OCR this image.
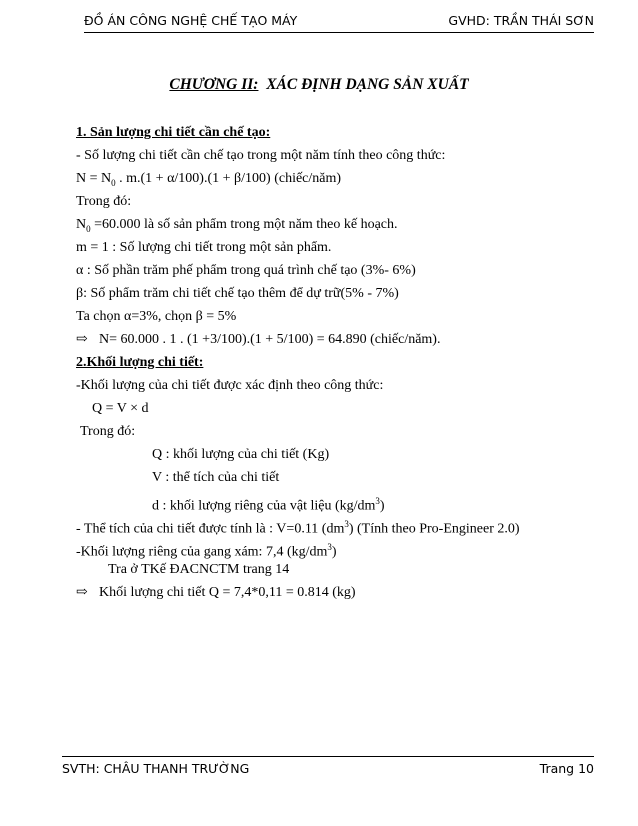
ĐỒ ÁN CÔNG NGHỆ CHẾ TẠO MÁY	GVHD: TRẦN THÁI SƠN
CHƯƠNG II: XÁC ĐỊNH DẠNG SẢN XUẤT
1. Sản lượng chi tiết cần chế tạo:
- Số lượng chi tiết cần chế tạo trong một năm tính theo công thức:
$N = N_0$ . m.(1 + α/100).(1 + β/100) (chiếc/năm)
Trong đó:
$N_0 =60.000$ là số sản phẩm trong một năm theo kế hoạch.
m = 1 : Số lượng chi tiết trong một sản phẩm.
α : Số phần trăm phế phẩm trong quá trình chế tạo (3%- 6%)
β: Số phẩm trăm chi tiết chế tạo thêm để dự trữ(5% - 7%)
Ta chọn α=3%, chọn β = 5%
⇨ N= 60.000 . 1 . (1 +3/100).(1 + 5/100) = 64.890 (chiếc/năm).
2.Khối lượng chi tiết:
-Khối lượng của chi tiết được xác định theo công thức:
Q = V × d
Trong đó:
Q : khối lượng của chi tiết (Kg)
V : thể tích của chi tiết
d : khối lượng riêng của vật liệu $(kg/dm^3)$
- Thể tích của chi tiết được tính là : V=0.11 $(dm^3)$ (Tính theo Pro-Engineer 2.0)
-Khối lượng riêng của gang xám: 7,4 $(kg/dm^3)$
Tra ở TKế ĐACNCTM trang 14
⇨ Khối lượng chi tiết Q = 7,4*0,11 = 0.814 (kg)
SVTH: CHÂU THANH TRƯỜNG	Trang 10
